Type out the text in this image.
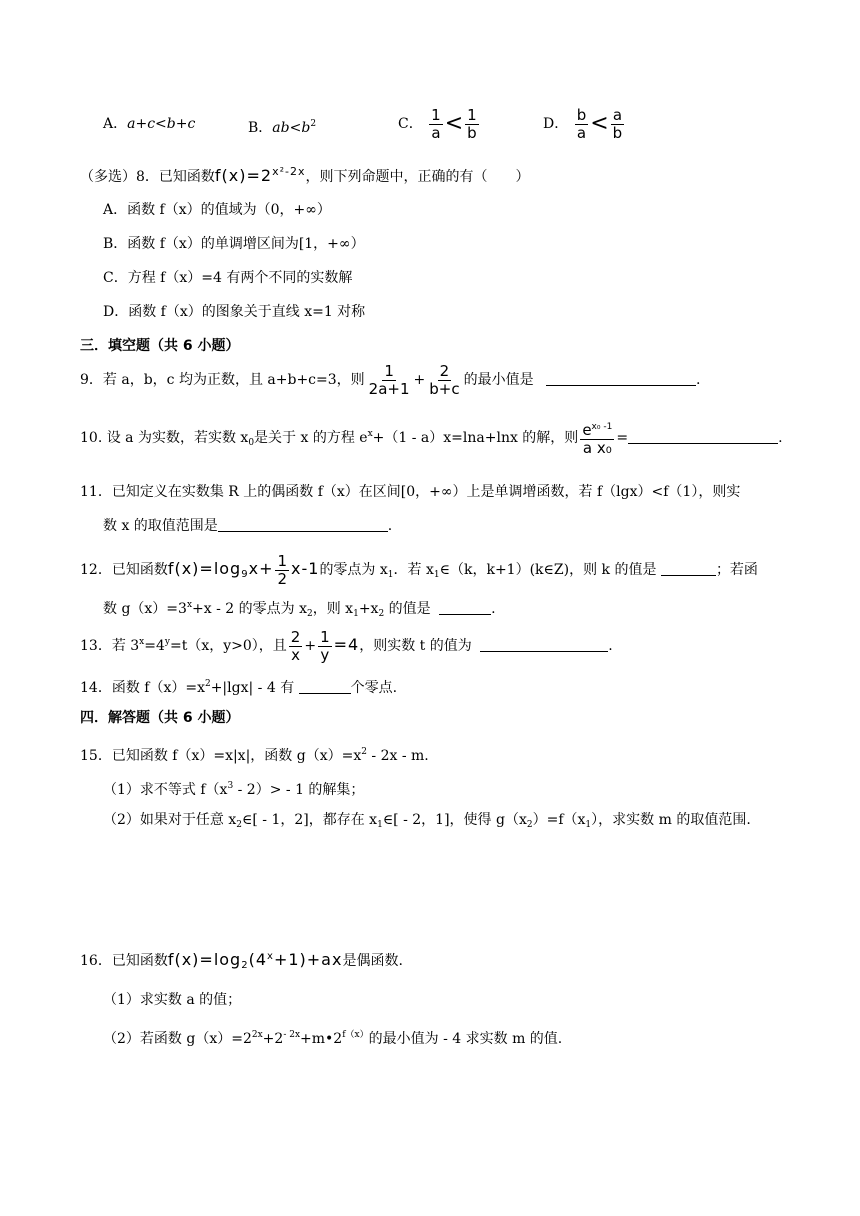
A．a+c<b+c	B．$ab<b^2$	C． $\frac{1}{a} < \frac{1}{b}$	D． $\frac{b}{a} < \frac{a}{b}$
（多选）8．已知函数$f(x)=2^{x^2-2x}$，则下列命题中，正确的有（　　）
A．函数 f（x）的值域为（0，+∞）
B．函数 f（x）的单调增区间为[1，+∞）
C．方程 f（x）=4 有两个不同的实数解
D．函数 f（x）的图象关于直线 x=1 对称
三．填空题（共 6 小题）
9．若 a，b，c 均为正数，且 a+b+c=3，则 $\frac{1}{2a+1} + \frac{2}{b+c}$ 的最小值是	.
10. 设 a 为实数，若实数 $x_0$是关于 x 的方程 $e^x+(1 - a)x=\ln a+\ln x$ 的解，则 $\frac{e^{x_0 -1}}{\text{a x₀}}$ =	.
11．已知定义在实数集 R 上的偶函数 f（x）在区间[0，+∞）上是单调增函数，若 f（lgx）<f（1），则实
数 x 的取值范围是	.
12．已知函数$f(x)=\log_9x+ \frac{1}{2} x-1$的零点为 $x_1$．若 $x_1\in(k$，k+1）(k∈Z)，则 k 的值是	；若函
数 $g(x)=3^x+x - 2$ 的零点为 $x_2$，则 $x_1+x_2$ 的值是	.
13．若 $3^x=4^y=t(x$，y>0），且 $\frac{2}{x} + \frac{1}{y} =4$，则实数 t 的值为	.
14．函数 $f(x)=x^2+|\lg x| - 4$ 有	个零点.
四．解答题（共 6 小题）
15．已知函数 f（x）=x|x|，函数 $g(x)=x^2 - 2x - m$.
（1）求不等式 $f(x^3 - 2)> - 1$ 的解集；
（2）如果对于任意 $x_2\in[ - 1$，2]，都存在 $x_1\in[ - 2$，1]，使得 $g(x_2)=f(x_1)$，求实数 m 的取值范围.
16．已知函数$f(x)=\log_2(4^x+1)+ax$是偶函数.
（1）求实数 a 的值；
（2）若函数 $g(x)=2^{2x}+2^{- 2x}+m•2^{f(x)}$的最小值为 - 4 求实数 m 的值.
